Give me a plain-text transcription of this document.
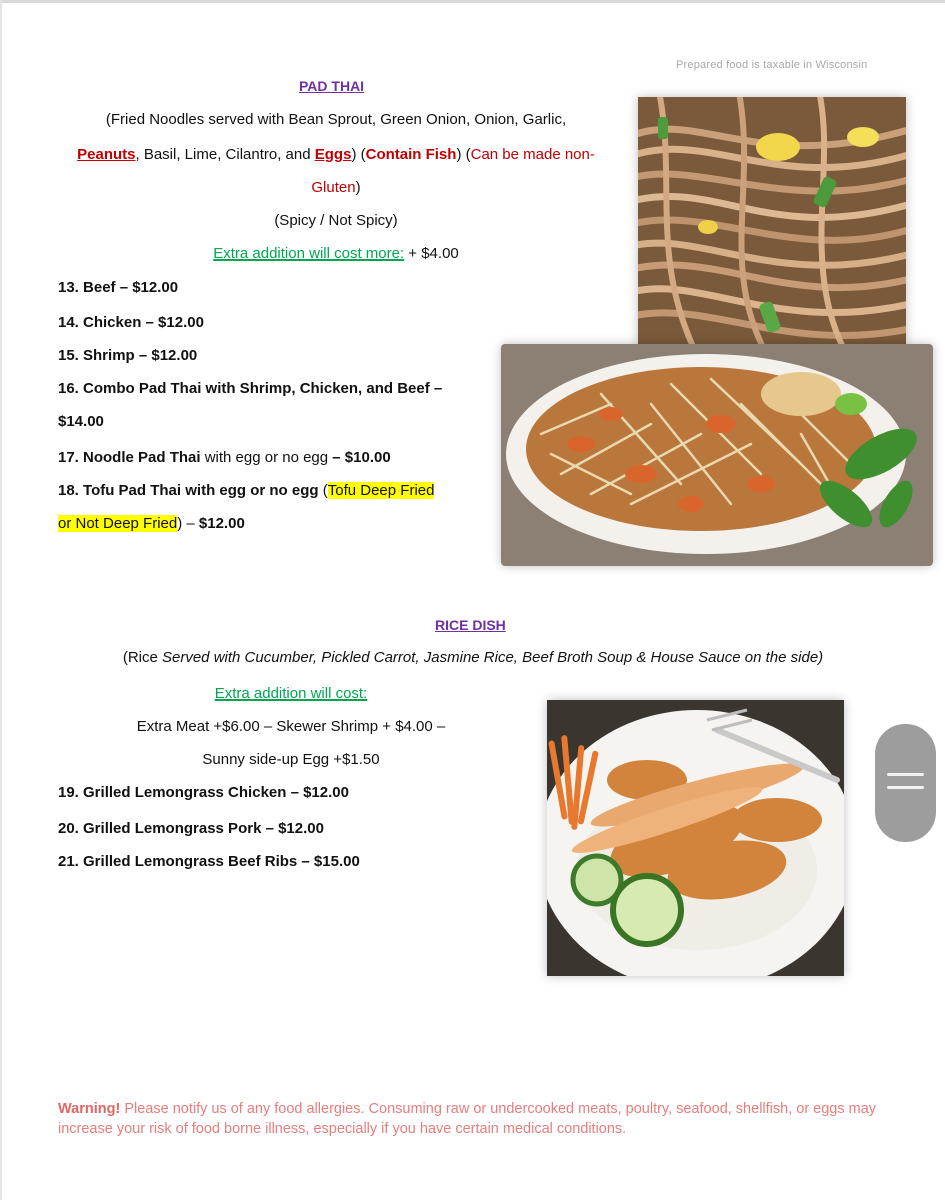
Prepared food is taxable in Wisconsin
PAD THAI
(Fried Noodles served with Bean Sprout, Green Onion, Onion, Garlic,
Peanuts, Basil, Lime, Cilantro, and Eggs) (Contain Fish) (Can be made non-
Gluten)
(Spicy / Not Spicy)
Extra addition will cost more: + $4.00
13. Beef – $12.00
14. Chicken – $12.00
15. Shrimp – $12.00
16. Combo Pad Thai with Shrimp, Chicken, and Beef –
$14.00
17. Noodle Pad Thai with egg or no egg – $10.00
18. Tofu Pad Thai with egg or no egg (Tofu Deep Fried
or Not Deep Fried) – $12.00
RICE DISH
(Rice Served with Cucumber, Pickled Carrot, Jasmine Rice, Beef Broth Soup & House Sauce on the side)
Extra addition will cost:
Extra Meat +$6.00 – Skewer Shrimp + $4.00 –
Sunny side-up Egg +$1.50
19. Grilled Lemongrass Chicken – $12.00
20. Grilled Lemongrass Pork – $12.00
21. Grilled Lemongrass Beef Ribs – $15.00
Warning! Please notify us of any food allergies. Consuming raw or undercooked meats, poultry, seafood, shellfish, or eggs may increase your risk of food borne illness, especially if you have certain medical conditions.
